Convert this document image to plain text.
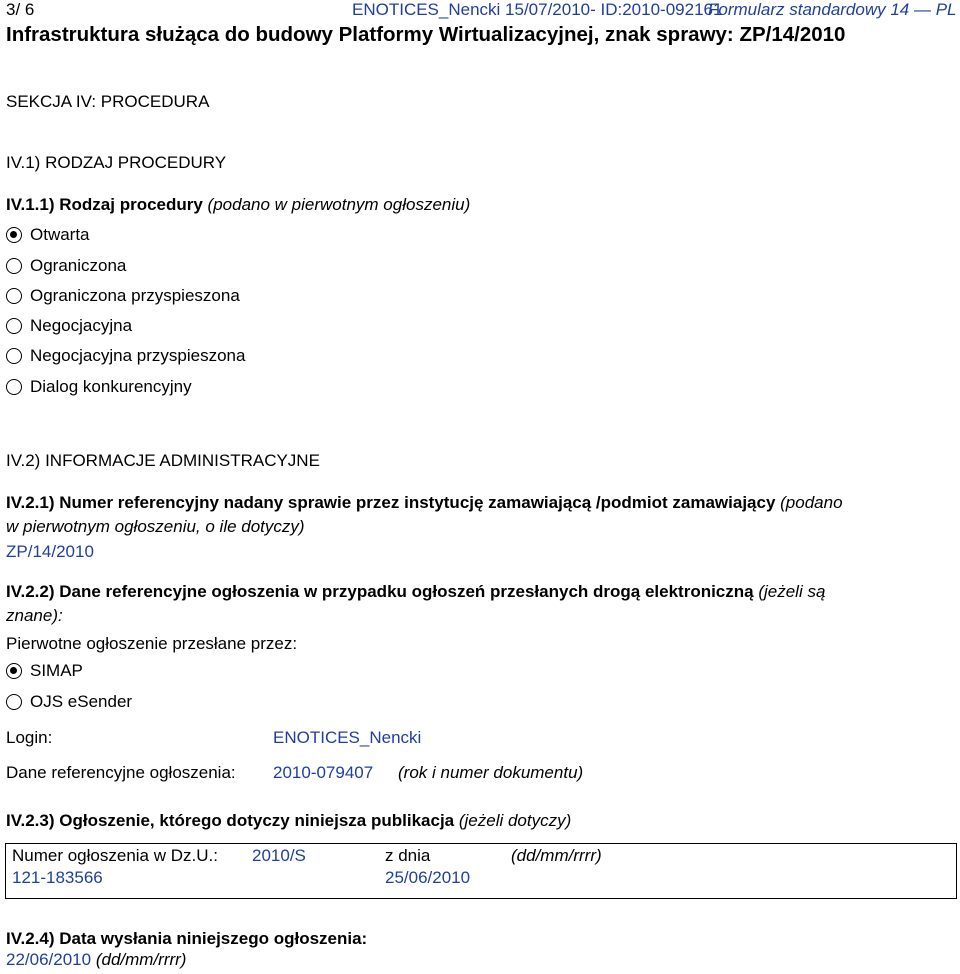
3/ 6	ENOTICES_Nencki 15/07/2010- ID:2010-092161
Formularz standardowy 14 — PL
Infrastruktura służąca do budowy Platformy Wirtualizacyjnej, znak sprawy: ZP/14/2010
SEKCJA IV: PROCEDURA
IV.1) RODZAJ PROCEDURY
IV.1.1) Rodzaj procedury (podano w pierwotnym ogłoszeniu)
Otwarta
Ograniczona
Ograniczona przyspieszona
Negocjacyjna
Negocjacyjna przyspieszona
Dialog konkurencyjny
IV.2) INFORMACJE ADMINISTRACYJNE
IV.2.1) Numer referencyjny nadany sprawie przez instytucję zamawiającą /podmiot zamawiający (podano
w pierwotnym ogłoszeniu, o ile dotyczy)
ZP/14/2010
IV.2.2) Dane referencyjne ogłoszenia w przypadku ogłoszeń przesłanych drogą elektroniczną (jeżeli są
znane):
Pierwotne ogłoszenie przesłane przez:
SIMAP
OJS eSender
Login:	ENOTICES_Nencki
Dane referencyjne ogłoszenia: 2010-079407 (rok i numer dokumentu)
IV.2.3) Ogłoszenie, którego dotyczy niniejsza publikacja (jeżeli dotyczy)
Numer ogłoszenia w Dz.U.: 2010/S
121-183566
z dnia
25/06/2010
(dd/mm/rrrr)
IV.2.4) Data wysłania niniejszego ogłoszenia:
22/06/2010 (dd/mm/rrrr)
